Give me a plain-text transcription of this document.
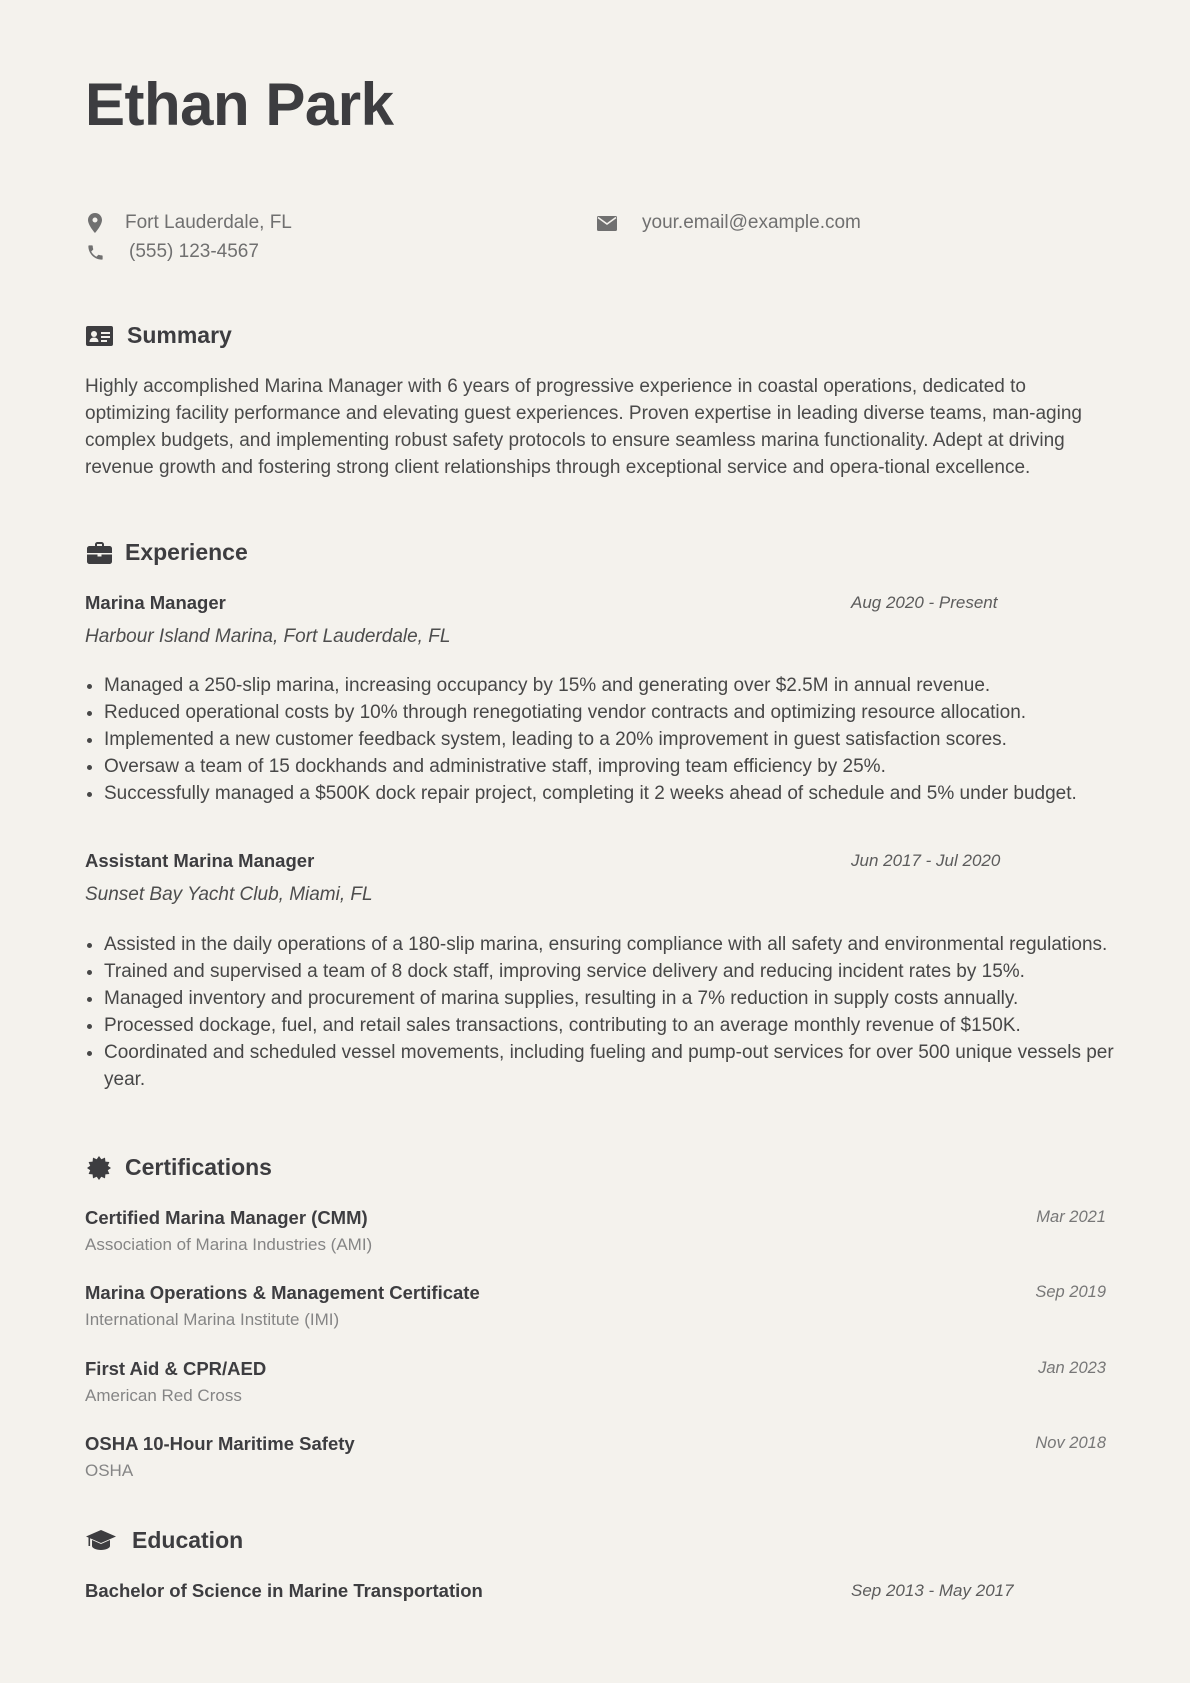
Ethan Park
Fort Lauderdale, FL	your.email@example.com
(555) 123-4567
Summary

Highly accomplished Marina Manager with 6 years of progressive experience in coastal operations, dedicated to optimizing facility performance and elevating guest experiences. Proven expertise in leading diverse teams, man-aging complex budgets, and implementing robust safety protocols to ensure seamless marina functionality. Adept at driving revenue growth and fostering strong client relationships through exceptional service and opera-tional excellence.

Experience
Marina Manager	Aug 2020 - Present
Harbour Island Marina, Fort Lauderdale, FL
• Managed a 250-slip marina, increasing occupancy by 15% and generating over $2.5M in annual revenue.
• Reduced operational costs by 10% through renegotiating vendor contracts and optimizing resource allocation.
• Implemented a new customer feedback system, leading to a 20% improvement in guest satisfaction scores.
• Oversaw a team of 15 dockhands and administrative staff, improving team efficiency by 25%.
• Successfully managed a $500K dock repair project, completing it 2 weeks ahead of schedule and 5% under budget.
Assistant Marina Manager	Jun 2017 - Jul 2020
Sunset Bay Yacht Club, Miami, FL
• Assisted in the daily operations of a 180-slip marina, ensuring compliance with all safety and environmental regulations.
• Trained and supervised a team of 8 dock staff, improving service delivery and reducing incident rates by 15%.
• Managed inventory and procurement of marina supplies, resulting in a 7% reduction in supply costs annually.
• Processed dockage, fuel, and retail sales transactions, contributing to an average monthly revenue of $150K.
• Coordinated and scheduled vessel movements, including fueling and pump-out services for over 500 unique vessels per year.
Certifications
Certified Marina Manager (CMM)	Mar 2021
Association of Marina Industries (AMI)
Marina Operations & Management Certificate	Sep 2019
International Marina Institute (IMI)
First Aid & CPR/AED	Jan 2023
American Red Cross
OSHA 10-Hour Maritime Safety	Nov 2018
OSHA
Education
Bachelor of Science in Marine Transportation	Sep 2013 - May 2017
